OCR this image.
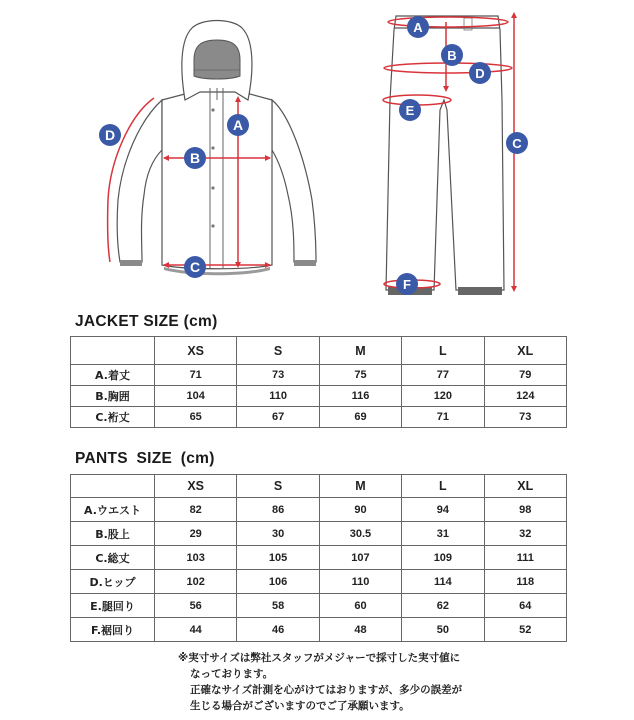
A
B
C
D
A
B
C
D
E
F
JACKET SIZE (cm)
	XS	S	M	L	XL
A.着丈	71	73	75	77	79
B.胸囲	104	110	116	120	124
C.裄丈	65	67	69	71	73
PANTS SIZE (cm)
	XS	S	M	L	XL
A.ウエスト	82	86	90	94	98
B.股上	29	30	30.5	31	32
C.総丈	103	105	107	109	111
D.ヒップ	102	106	110	114	118
E.腿回り	56	58	60	62	64
F.裾回り	44	46	48	50	52
※実寸サイズは弊社スタッフがメジャーで採寸した実寸値に
なっております。
正確なサイズ計測を心がけてはおりますが、多少の誤差が
生じる場合がございますのでご了承願います。
